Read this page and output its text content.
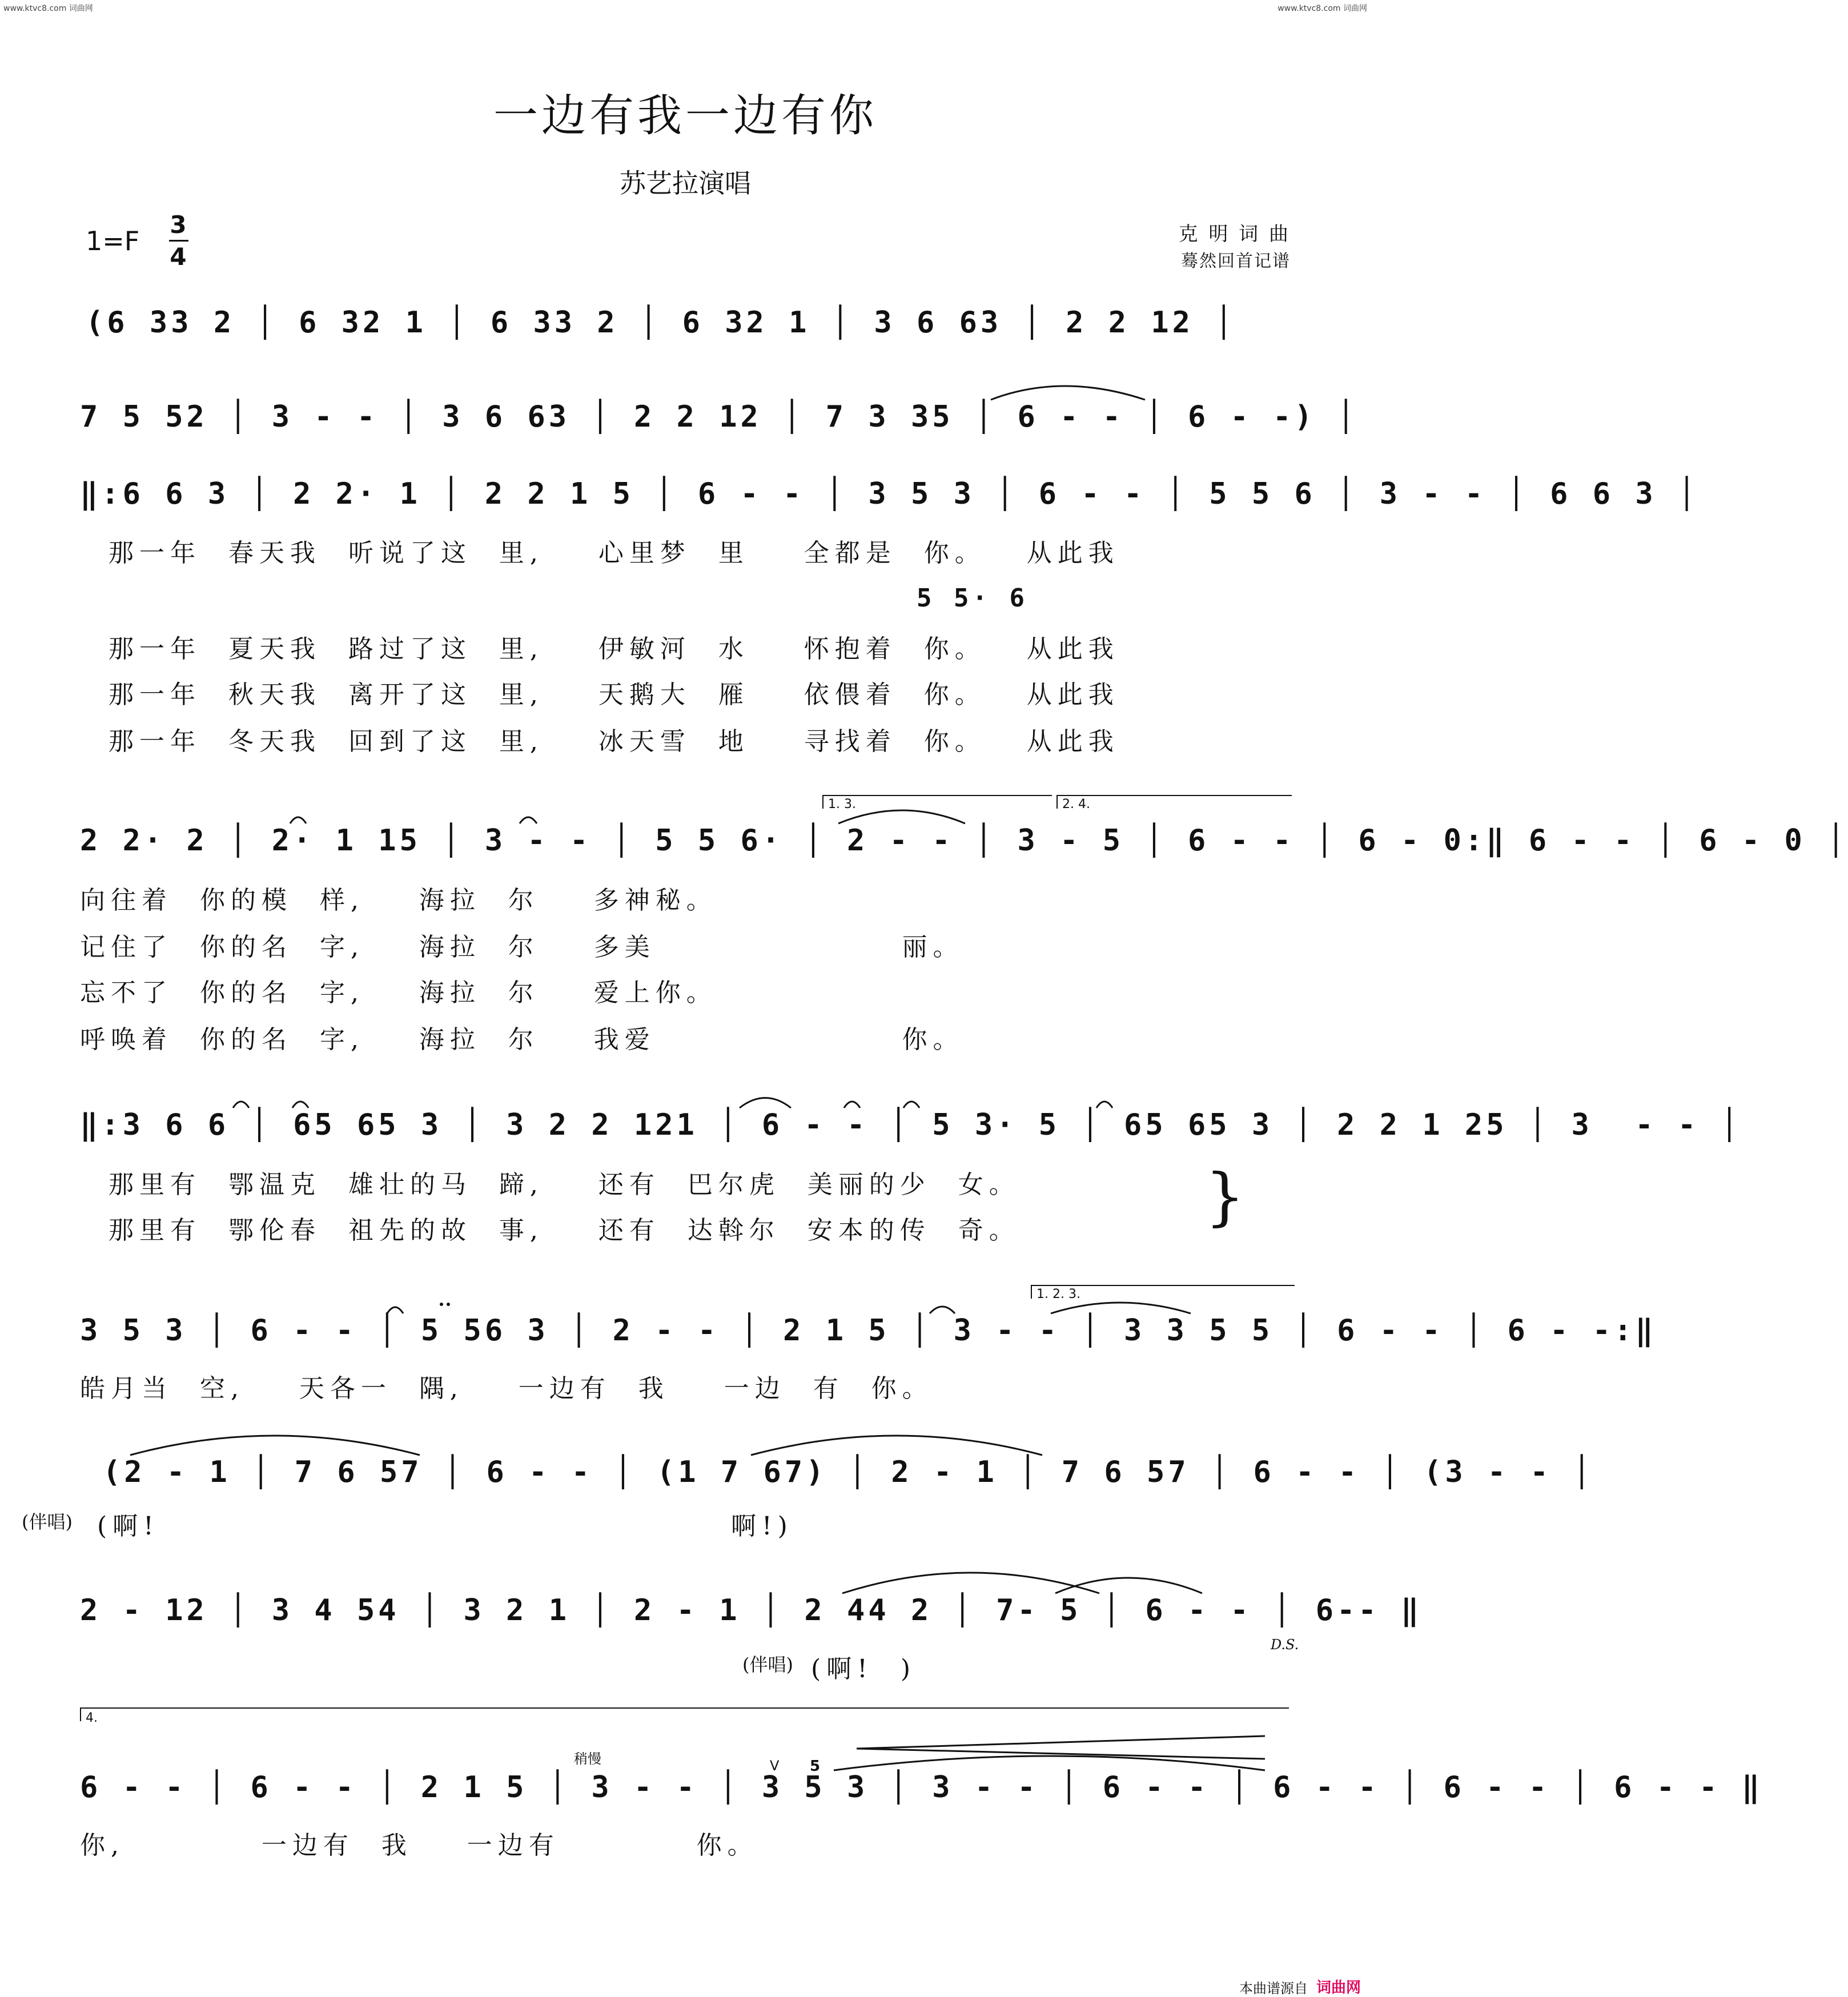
www.ktvc8.com 词曲网	www.ktvc8.com 词曲网
一边有我一边有你
苏艺拉演唱
1=F
3
4
克 明 词 曲
蓦然回首记谱
(6 33 2 │ 6 32 1 │ 6 33 2 │ 6 32 1 │ 3 6 63 │ 2 2 12 │
7 5 52 │ 3 - - │ 3 6 63 │ 2 2 12 │ 7 3 35 │ 6 - - │ 6 - -) │
‖:6 6 3 │ 2 2· 1 │ 2 2 1 5 │ 6 - - │ 3 5 3 │ 6 - - │ 5 5 6 │ 3 - - │ 6 6 3 │
那一年  春天我  听说了这  里,    心里梦  里    全都是  你。   从此我
5 5· 6
那一年  夏天我  路过了这  里,    伊敏河  水    怀抱着  你。   从此我
那一年  秋天我  离开了这  里,    天鹅大  雁    依偎着  你。   从此我
那一年  冬天我  回到了这  里,    冰天雪  地    寻找着  你。   从此我
1. 3.	2. 4.
2 2· 2 │ 2· 1 15 │ 3 - - │ 5 5 6· │ 2 - - │ 3 - 5 │ 6 - - │ 6 - 0:‖ 6 - - │ 6 - 0 │
向往着  你的模  样,    海拉  尔    多神秘。
记住了  你的名  字,    海拉  尔    多美                  丽。
忘不了  你的名  字,    海拉  尔    爱上你。
呼唤着  你的名  字,    海拉  尔    我爱                  你。
‖:3 6 6 │ 65 65 3 │ 3 2 2 121 │ 6 - - │ 5 3· 5 │ 65 65 3 │ 2 2 1 25 │ 3  - - │
那里有  鄂温克  雄壮的马  蹄,    还有  巴尔虎  美丽的少  女。
那里有  鄂伦春  祖先的故  事,    还有  达斡尔  安本的传  奇。	}
1. 2. 3.
3 5 3 │ 6 - - │ 5 56 3 │ 2 - - │ 2 1 5 │ 3 - - │ 3 3 5 5 │ 6 - - │ 6 - -:‖
皓月当  空,    天各一  隅,    一边有  我    一边  有  你。
(2 - 1 │ 7 6 57 │ 6 - - │ (1 7 67) │ 2 - 1 │ 7 6 57 │ 6 - - │ (3 - - │
(伴唱) (啊!	啊!)
2 - 12 │ 3 4 54 │ 3 2 1 │ 2 - 1 │ 2 44 2 │ 7- 5 │ 6 - - │ 6-- ‖
(伴唱) (啊!  )
D.S.
4.
稍慢	V 5
6 - - │ 6 - - │ 2 1 5 │ 3 - - │ 3 5 3 │ 3 - - │ 6 - - │ 6 - - │ 6 - - │ 6 - - ‖
你,          一边有  我    一边有          你。
本曲谱源自 词曲网
